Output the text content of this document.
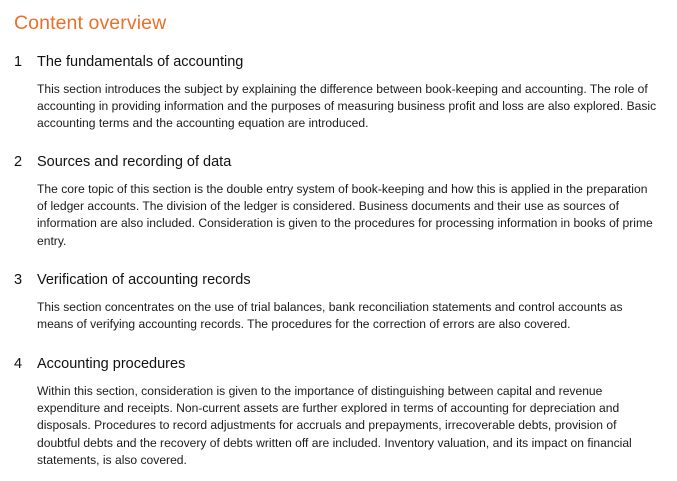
Content overview
1 The fundamentals of accounting
This section introduces the subject by explaining the difference between book-keeping and accounting. The role of accounting in providing information and the purposes of measuring business profit and loss are also explored. Basic accounting terms and the accounting equation are introduced.
2 Sources and recording of data
The core topic of this section is the double entry system of book-keeping and how this is applied in the preparation of ledger accounts. The division of the ledger is considered. Business documents and their use as sources of information are also included. Consideration is given to the procedures for processing information in books of prime entry.
3 Verification of accounting records
This section concentrates on the use of trial balances, bank reconciliation statements and control accounts as means of verifying accounting records. The procedures for the correction of errors are also covered.
4 Accounting procedures
Within this section, consideration is given to the importance of distinguishing between capital and revenue expenditure and receipts. Non-current assets are further explored in terms of accounting for depreciation and disposals. Procedures to record adjustments for accruals and prepayments, irrecoverable debts, provision of doubtful debts and the recovery of debts written off are included. Inventory valuation, and its impact on financial statements, is also covered.
